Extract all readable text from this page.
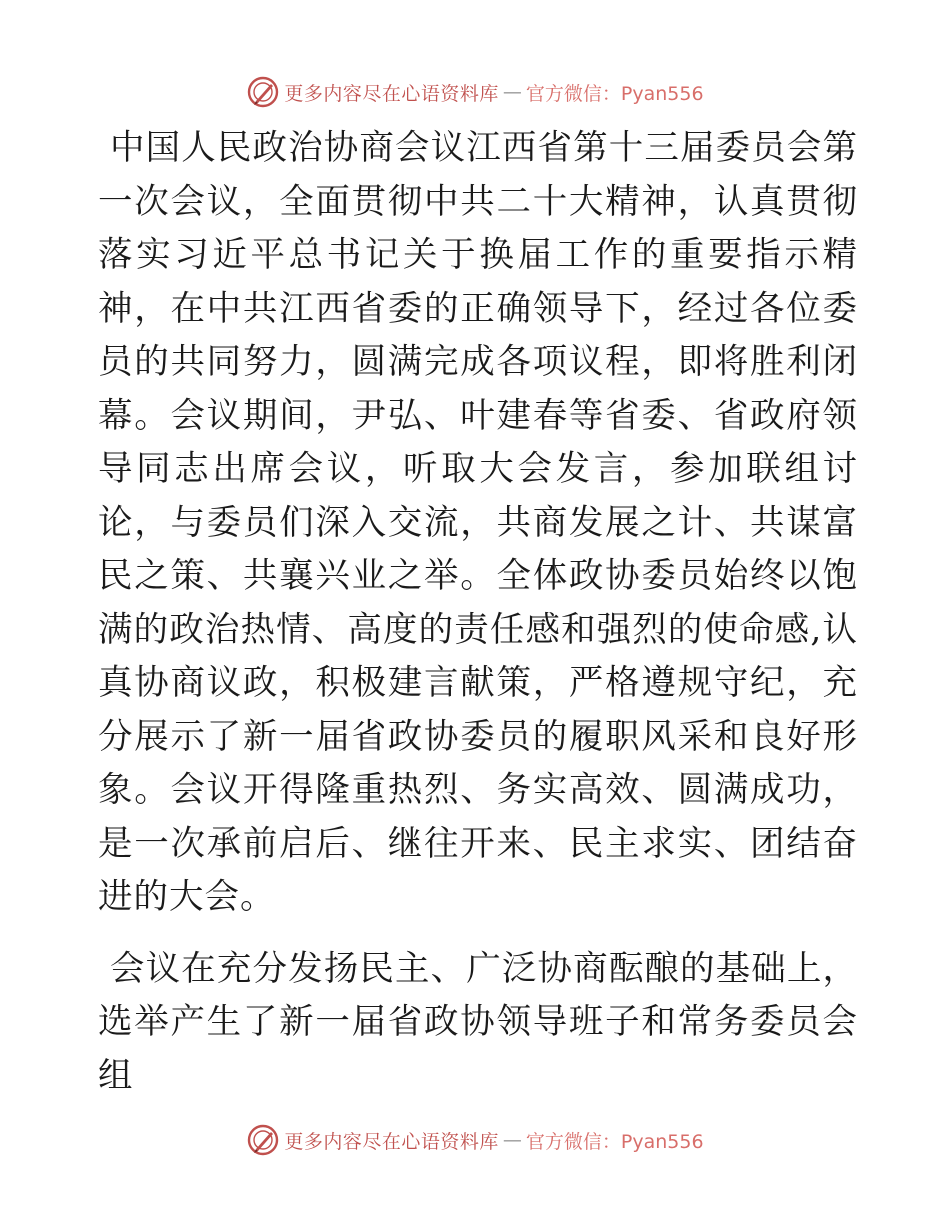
更多内容尽在心语资料库 — 官方微信：Pyan556

中国人民政治协商会议江西省第十三届委员会第一次会议，全面贯彻中共二十大精神，认真贯彻落实习近平总书记关于换届工作的重要指示精神，在中共江西省委的正确领导下，经过各位委员的共同努力，圆满完成各项议程，即将胜利闭幕。会议期间，尹弘、叶建春等省委、省政府领导同志出席会议，听取大会发言，参加联组讨论，与委员们深入交流，共商发展之计、共谋富民之策、共襄兴业之举。全体政协委员始终以饱满的政治热情、高度的责任感和强烈的使命感,认真协商议政，积极建言献策，严格遵规守纪，充分展示了新一届省政协委员的履职风采和良好形象。会议开得隆重热烈、务实高效、圆满成功，是一次承前启后、继往开来、民主求实、团结奋进的大会。

会议在充分发扬民主、广泛协商酝酿的基础上，选举产生了新一届省政协领导班子和常务委员会组

更多内容尽在心语资料库 — 官方微信：Pyan556
